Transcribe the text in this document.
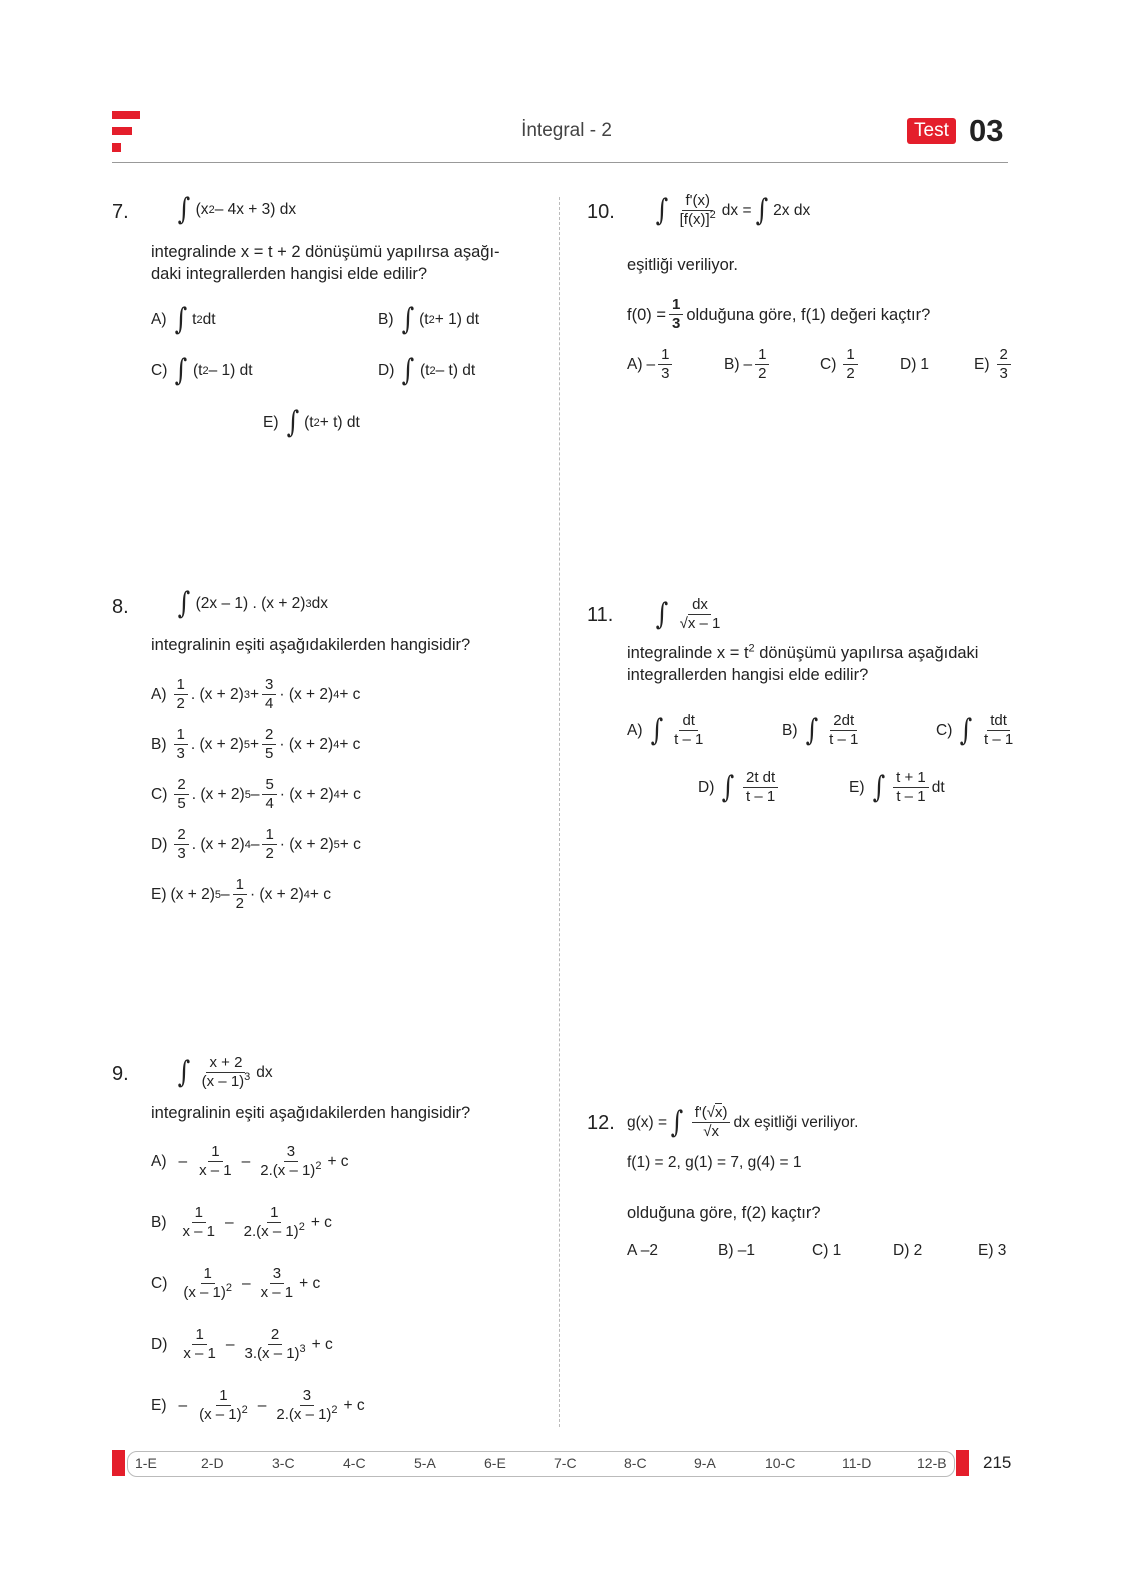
İntegral - 2	Test 03
7. ∫ (x 2 – 4x + 3) dx
integralinde x = t + 2 dönüşümü yapılırsa aşağı-
daki integrallerden hangisi elde edilir?
A) ∫ t 2 dt	B) ∫ (t 2 + 1) dt
C) ∫ (t 2 – 1) dt	D) ∫ (t 2 – t) dt
E) ∫ (t 2 + t) dt
8. ∫ (2x – 1) . (x + 2) 3 dx
integralinin eşiti aşağıdakilerden hangisidir?
$A) \frac{1}{2}$ . (x + 2) $3 + \frac{3}{4} \cdot (x + 2) 4 + c$
$B) \frac{1}{3}$ . (x + 2) $5 + \frac{2}{5} \cdot (x + 2) 4 + c$
$C) \frac{2}{5}$ . (x + 2) $5 - \frac{5}{4} \cdot (x + 2) 4 + c$
$D) \frac{2}{3}$ . (x + 2) $4 - \frac{1}{2} \cdot (x + 2) 5 + c$
E) (x + 2) $5 - \frac{1}{2} \cdot (x + 2) 4 + c$
9. ∫ $\frac{x + 2}{(x - 1)^3}$ dx
integralinin eşiti aşağıdakilerden hangisidir?
$A) - \frac{1}{x - 1} - \frac{3}{2.(x - 1)^2} + c$
$B) \frac{1}{x - 1} - \frac{1}{2.(x - 1)^2} + c$
$C) \frac{1}{(x - 1)^2} - \frac{3}{x - 1} + c$
$D) \frac{1}{x - 1} - \frac{2}{3.(x - 1)^3} + c$
$E) - \frac{1}{(x - 1)^2} - \frac{3}{2.(x - 1)^2} + c$
10. ∫ $\frac{f'(x)}{[f(x)]^2}$ dx = ∫ 2x dx
eşitliği veriliyor.
$f(0) = \frac{1}{3}$ olduğuna göre, f(1) değeri kaçtır?
$A) - \frac{1}{3}$	$B) - \frac{1}{2}$	$C) \frac{1}{2}$	D) 1	$E) \frac{2}{3}$
11. ∫ $\frac{dx}{√x - 1}$
integralinde $x = t^2$ dönüşümü yapılırsa aşağıdaki
integrallerden hangisi elde edilir?
A) ∫ $\frac{dt}{t - 1}$	B) ∫ $\frac{2dt}{t - 1}$	C) ∫ $\frac{\text{tdt}}{t - 1}$
D) ∫ $\frac{\text{2t dt}}{t - 1}$	E) ∫ $\frac{t + 1}{t - 1}$ dt
12. g(x) = ∫ $\frac{f'(√x)}{√x}$ dx eşitliği veriliyor.
f(1) = 2, g(1) = 7, g(4) = 1
olduğuna göre, f(2) kaçtır?
A –2	B) –1	C) 1	D) 2	E) 3
1-E	2-D	3-C	4-C	5-A	6-E	7-C	8-C	9-A	10-C	11-D	12-B 215
